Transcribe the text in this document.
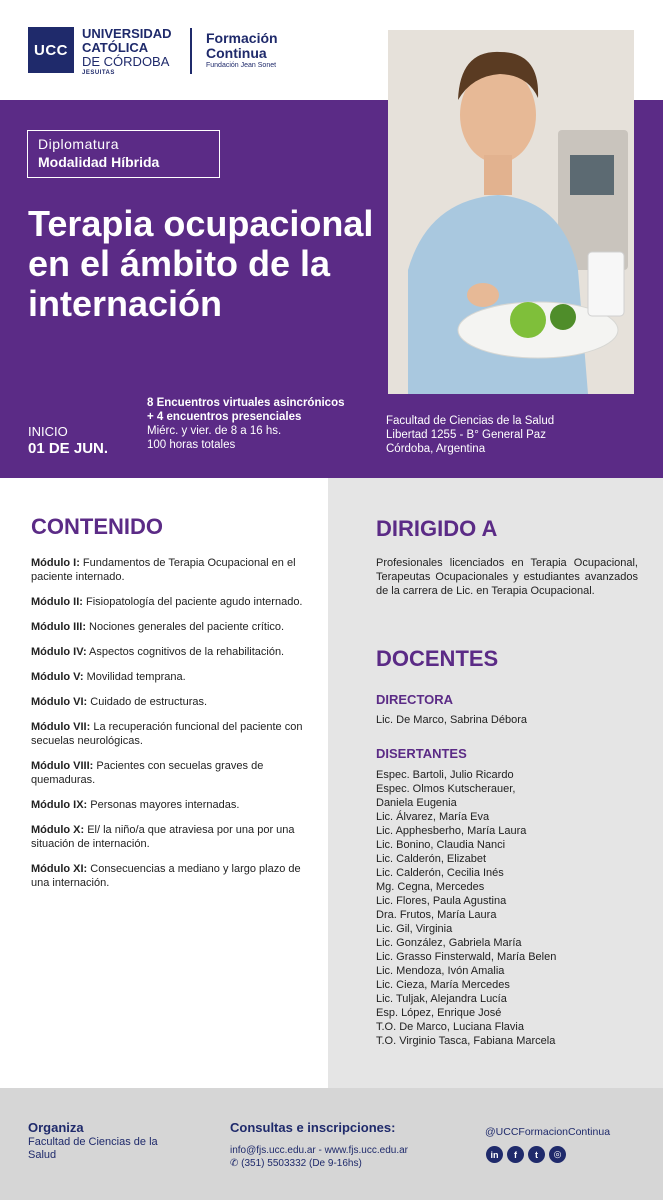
UCC
UNIVERSIDAD
CATÓLICA
DE CÓRDOBA
JESUITAS
Formación
Continua
Fundación Jean Sonet
Diplomatura
Modalidad Híbrida
Terapia ocupacional en el ámbito de la internación
INICIO
01 DE JUN.
8 Encuentros virtuales asincrónicos
+ 4 encuentros presenciales
Miérc. y vier. de 8 a 16 hs.
100 horas totales
Facultad de Ciencias de la Salud
Libertad 1255 - B° General Paz
Córdoba, Argentina
CONTENIDO
Módulo I: Fundamentos de Terapia Ocupacional en el paciente internado.
Módulo II: Fisiopatología del paciente agudo internado.
Módulo III: Nociones generales del paciente crítico.
Módulo IV: Aspectos cognitivos de la rehabilitación.
Módulo V: Movilidad temprana.
Módulo VI: Cuidado de estructuras.
Módulo VII: La recuperación funcional del paciente con secuelas neurológicas.
Módulo VIII: Pacientes con secuelas graves de quemaduras.
Módulo IX: Personas mayores internadas.
Módulo X: El/ la niño/a que atraviesa por una por una situación de internación.
Módulo XI: Consecuencias a mediano y largo plazo de una internación.
DIRIGIDO A
Profesionales licenciados en Terapia Ocupacional, Terapeutas Ocupacionales y estudiantes avanzados de la carrera de Lic. en Terapia Ocupacional.
DOCENTES
DIRECTORA
Lic. De Marco, Sabrina Débora
DISERTANTES
Espec. Bartoli, Julio Ricardo
Espec. Olmos Kutscherauer,
Daniela Eugenia
Lic. Álvarez, María Eva
Lic. Apphesberho, María Laura
Lic. Bonino, Claudia Nanci
Lic. Calderón, Elizabet
Lic. Calderón, Cecilia Inés
Mg. Cegna, Mercedes
Lic. Flores, Paula Agustina
Dra. Frutos, María Laura
Lic. Gil, Virginia
Lic. González, Gabriela María
Lic. Grasso Finsterwald, María Belen
Lic. Mendoza, Ivón Amalia
Lic. Cieza, María Mercedes
Lic. Tuljak, Alejandra Lucía
Esp. López, Enrique José
T.O. De Marco, Luciana Flavia
T.O. Virginio Tasca, Fabiana Marcela
Organiza
Facultad de Ciencias de la Salud
Consultas e inscripciones:
info@fjs.ucc.edu.ar - www.fjs.ucc.edu.ar
✆ (351) 5503332 (De 9-16hs)
@UCCFormacionContinua
in	f	t	◎
